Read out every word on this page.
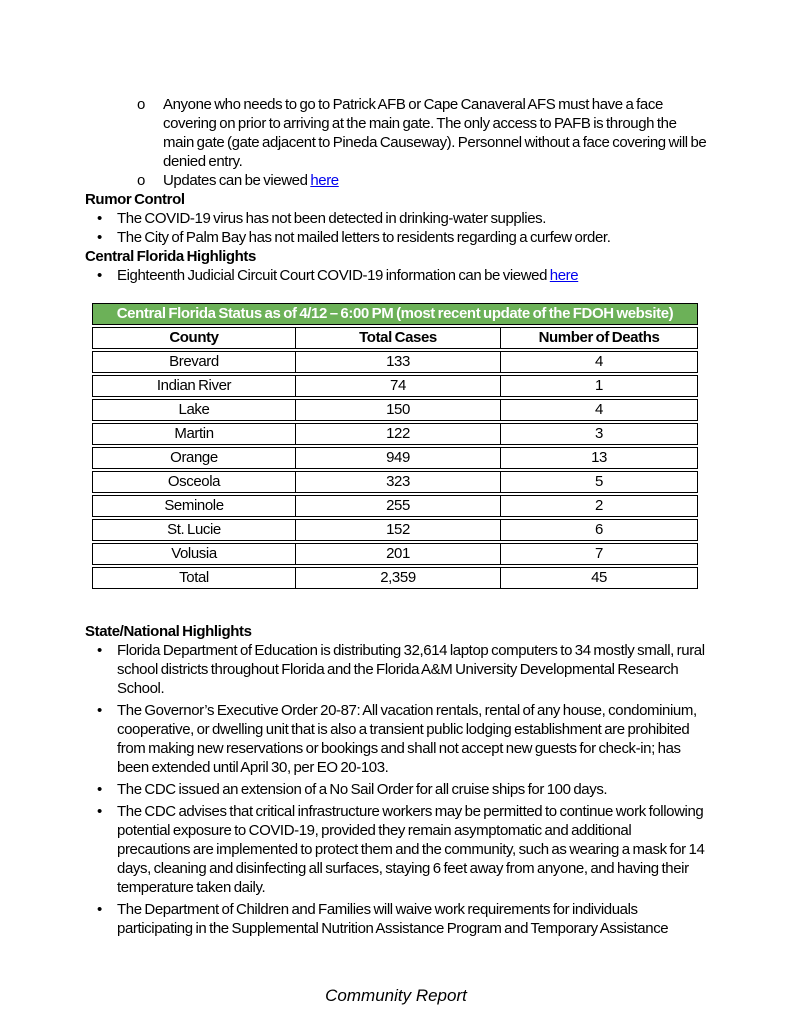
o	Anyone who needs to go to Patrick AFB or Cape Canaveral AFS must have a face covering on prior to arriving at the main gate. The only access to PAFB is through the main gate (gate adjacent to Pineda Causeway). Personnel without a face covering will be denied entry.
o	Updates can be viewed here
Rumor Control
•	The COVID-19 virus has not been detected in drinking-water supplies.
•	The City of Palm Bay has not mailed letters to residents regarding a curfew order.
Central Florida Highlights
•	Eighteenth Judicial Circuit Court COVID-19 information can be viewed here
Central Florida Status as of 4/12 – 6:00 PM (most recent update of the FDOH website)		
County	Total Cases	Number of Deaths
Brevard	133	4
Indian River	74	1
Lake	150	4
Martin	122	3
Orange	949	13
Osceola	323	5
Seminole	255	2
St. Lucie	152	6
Volusia	201	7
Total	2,359	45
State/National Highlights
•	Florida Department of Education is distributing 32,614 laptop computers to 34 mostly small, rural school districts throughout Florida and the Florida A&M University Developmental Research School.
•	The Governor’s Executive Order 20-87: All vacation rentals, rental of any house, condominium, cooperative, or dwelling unit that is also a transient public lodging establishment are prohibited from making new reservations or bookings and shall not accept new guests for check-in; has been extended until April 30, per EO 20-103.
•	The CDC issued an extension of a No Sail Order for all cruise ships for 100 days.
•	The CDC advises that critical infrastructure workers may be permitted to continue work following potential exposure to COVID-19, provided they remain asymptomatic and additional precautions are implemented to protect them and the community, such as wearing a mask for 14 days, cleaning and disinfecting all surfaces, staying 6 feet away from anyone, and having their temperature taken daily.
•	The Department of Children and Families will waive work requirements for individuals participating in the Supplemental Nutrition Assistance Program and Temporary Assistance
Community Report
